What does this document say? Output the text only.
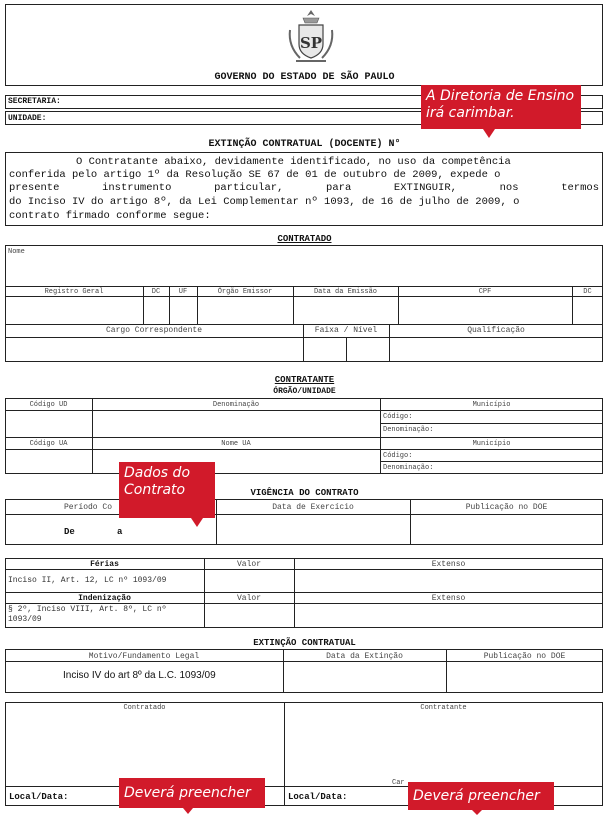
SP
GOVERNO DO ESTADO DE SÃO PAULO
SECRETARIA:
UNIDADE:
EXTINÇÃO CONTRATUAL (DOCENTE) N°
O Contratante abaixo, devidamente identificado, no uso da competência
conferida pelo artigo 1º da Resolução SE 67 de 01 de outubro de 2009, expede o
presente instrumento particular, para EXTINGUIR, nos termos
do Inciso IV do artigo 8º, da Lei Complementar nº 1093, de 16 de julho de 2009, o
contrato firmado conforme segue:
CONTRATADO
Nome
Registro Geral	DC	UF	Órgão Emissor	Data da Emissão	CPF	DC
Cargo Correspondente	Faixa / Nível	Qualificação
CONTRATANTE
ÓRGÃO/UNIDADE
Código UD	Denominação	Município
Código:
Denominação:
Código UA	Nome UA	Município
Código:
Denominação:
VIGÊNCIA DO CONTRATO
Período Co	Data de Exercício	Publicação no DOE
De	a
Férias	Valor	Extenso
Inciso II, Art. 12, LC nº 1093/09
Indenização	Valor	Extenso
§ 2º, Inciso VIII, Art. 8º, LC nº
1093/09
EXTINÇÃO CONTRATUAL
Motivo/Fundamento Legal	Data da Extinção	Publicação no DOE
Inciso IV do art 8º da L.C. 1093/09
Contratado	Contratante
Car
Local/Data:	Local/Data:
A Diretoria de Ensino
irá carimbar.
Dados do
Contrato
Deverá preencher	Deverá preencher
